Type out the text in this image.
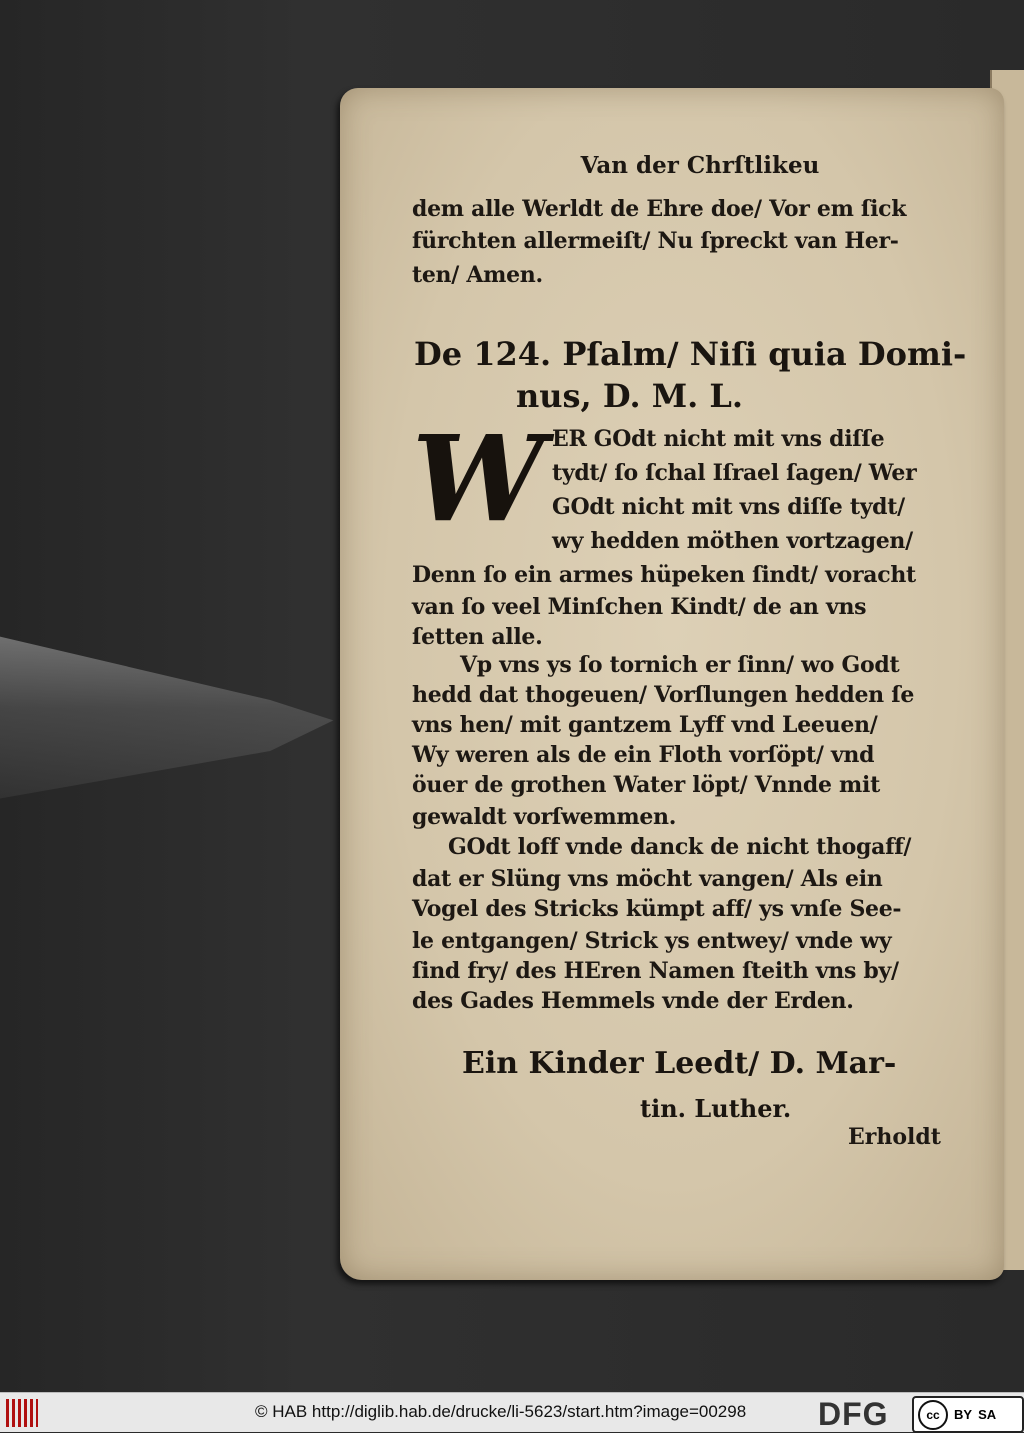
Van der Chrſtlikeu
dem alle Werldt de Ehre doe/ Vor em ſick
fürchten allermeiſt/ Nu ſpreckt van Her-
ten/ Amen.
De 124. Pſalm/ Niſi quia Domi-
nus, D. M. L.
W ER GOdt nicht mit vns diſſe
tydt/ ſo ſchal Iſrael ſagen/ Wer
GOdt nicht mit vns diſſe tydt/
wy hedden möthen vortzagen/
Denn ſo ein armes hüpeken ſindt/ voracht
van ſo veel Minſchen Kindt/ de an vns
ſetten alle.
Vp vns ys ſo tornich er ſinn/ wo Godt
hedd dat thogeuen/ Vorſlungen hedden ſe
vns hen/ mit gantzem Lyff vnd Leeuen/
Wy weren als de ein Floth vorſöpt/ vnd
öuer de grothen Water löpt/ Vnnde mit
gewaldt vorſwemmen.
GOdt loff vnde danck de nicht thogaff/
dat er Slüng vns möcht vangen/ Als ein
Vogel des Stricks kümpt aff/ ys vnſe See-
le entgangen/ Strick ys entwey/ vnde wy
ſind fry/ des HEren Namen ſteith vns by/
des Gades Hemmels vnde der Erden.
Ein Kinder Leedt/ D. Mar-
tin. Luther.
Erholdt
© HAB http://diglib.hab.de/drucke/li-5623/start.htm?image=00298 DFG	cc	BY SA
